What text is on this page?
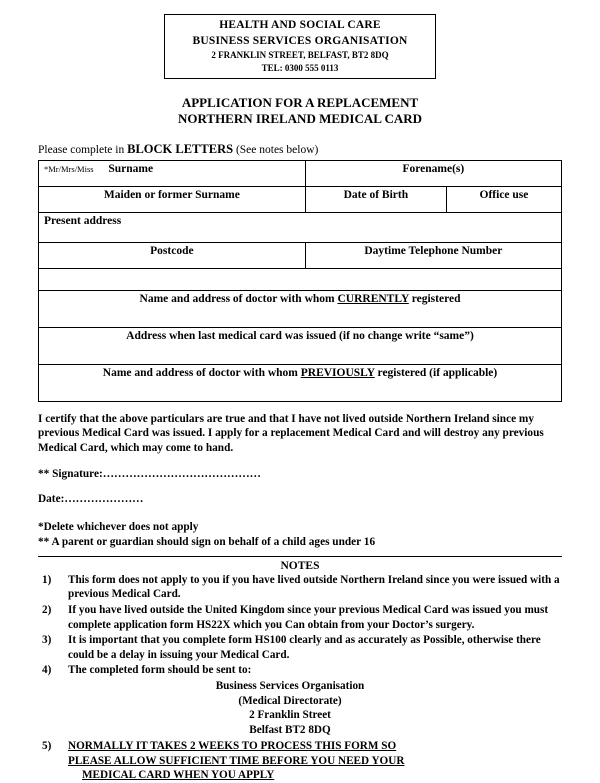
HEALTH AND SOCIAL CARE
BUSINESS SERVICES ORGANISATION
2 FRANKLIN STREET, BELFAST, BT2 8DQ
TEL: 0300 555 0113
APPLICATION FOR A REPLACEMENT
NORTHERN IRELAND MEDICAL CARD
Please complete in BLOCK LETTERS (See notes below)
*Mr/Mrs/Miss Surname	Forename(s)	

Maiden or former Surname	Date of Birth	Office use

Present address		

Postcode	Daytime Telephone Number	

Name and address of doctor with whom CURRENTLY registered		

Address when last medical card was issued (if no change write “same”)		

Name and address of doctor with whom PREVIOUSLY registered (if applicable)		
I certify that the above particulars are true and that I have not lived outside Northern Ireland since my previous Medical Card was issued. I apply for a replacement Medical Card and will destroy any previous Medical Card, which may come to hand.
** Signature:……………………………………
Date:…………………
*Delete whichever does not apply
** A parent or guardian should sign on behalf of a child ages under 16
NOTES
1)	This form does not apply to you if you have lived outside Northern Ireland since you were issued with a previous Medical Card.
2)	If you have lived outside the United Kingdom since your previous Medical Card was issued you must complete application form HS22X which you Can obtain from your Doctor’s surgery.
3)	It is important that you complete form HS100 clearly and as accurately as Possible, otherwise there could be a delay in issuing your Medical Card.
4)	The completed form should be sent to:
Business Services Organisation
(Medical Directorate)
2 Franklin Street
Belfast BT2 8DQ
5)	NORMALLY IT TAKES 2 WEEKS TO PROCESS THIS FORM SO
PLEASE ALLOW SUFFICIENT TIME BEFORE YOU NEED YOUR
MEDICAL CARD WHEN YOU APPLY
